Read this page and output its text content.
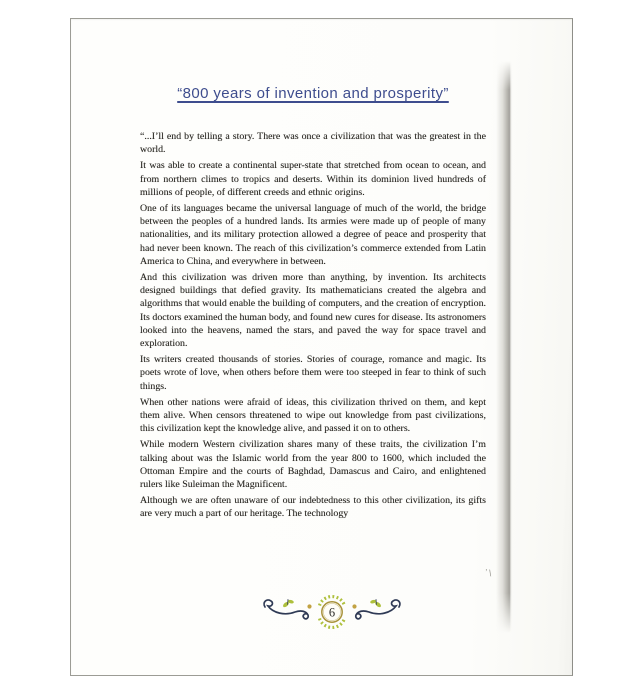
“800 years of invention and prosperity”

“...I’ll end by telling a story. There was once a civilization that was the greatest in the world.

It was able to create a continental super-state that stretched from ocean to ocean, and from northern climes to tropics and deserts. Within its dominion lived hundreds of millions of people, of different creeds and ethnic origins.

One of its languages became the universal language of much of the world, the bridge between the peoples of a hundred lands. Its armies were made up of people of many nationalities, and its military protection allowed a degree of peace and prosperity that had never been known. The reach of this civilization’s commerce extended from Latin America to China, and everywhere in between.

And this civilization was driven more than anything, by invention. Its architects designed buildings that defied gravity. Its mathematicians created the algebra and algorithms that would enable the building of computers, and the creation of encryption. Its doctors examined the human body, and found new cures for disease. Its astronomers looked into the heavens, named the stars, and paved the way for space travel and exploration.

Its writers created thousands of stories. Stories of courage, romance and magic. Its poets wrote of love, when others before them were too steeped in fear to think of such things.

When other nations were afraid of ideas, this civilization thrived on them, and kept them alive. When censors threatened to wipe out knowledge from past civilizations, this civilization kept the knowledge alive, and passed it on to others.

While modern Western civilization shares many of these traits, the civilization I’m talking about was the Islamic world from the year 800 to 1600, which included the Ottoman Empire and the courts of Baghdad, Damascus and Cairo, and enlightened rulers like Suleiman the Magnificent.

Although we are often unaware of our indebtedness to this other civilization, its gifts are very much a part of our heritage. The technology

ʼ\
6
